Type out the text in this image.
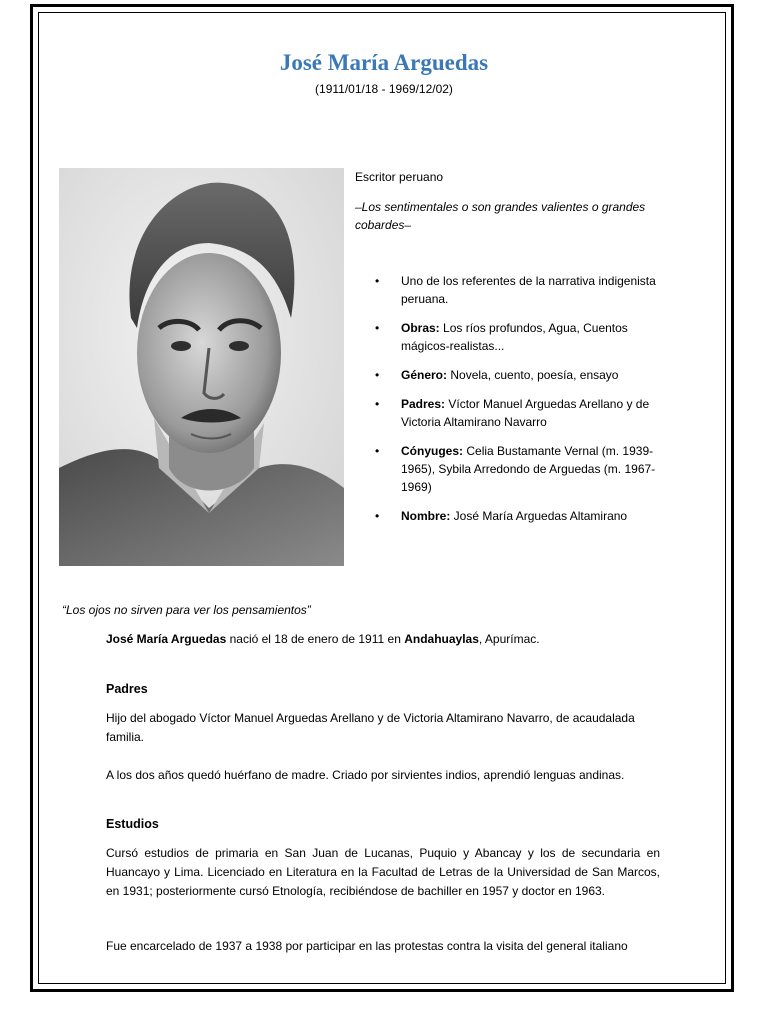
José María Arguedas
(1911/01/18 - 1969/12/02)

Escritor peruano

–Los sentimentales o son grandes valientes o grandes cobardes–

• Uno de los referentes de la narrativa indigenista peruana.
• Obras: Los ríos profundos, Agua, Cuentos mágicos-realistas...
• Género: Novela, cuento, poesía, ensayo
• Padres: Víctor Manuel Arguedas Arellano y de Victoria Altamirano Navarro
• Cónyuges: Celia Bustamante Vernal (m. 1939-1965), Sybila Arredondo de Arguedas (m. 1967-1969)
• Nombre: José María Arguedas Altamirano
“Los ojos no sirven para ver los pensamientos”
José María Arguedas nació el 18 de enero de 1911 en Andahuaylas, Apurímac.
Padres
Hijo del abogado Víctor Manuel Arguedas Arellano y de Victoria Altamirano Navarro, de acaudalada familia.
A los dos años quedó huérfano de madre. Criado por sirvientes indios, aprendió lenguas andinas.
Estudios
Cursó estudios de primaria en San Juan de Lucanas, Puquio y Abancay y los de secundaria en Huancayo y Lima. Licenciado en Literatura en la Facultad de Letras de la Universidad de San Marcos, en 1931; posteriormente cursó Etnología, recibiéndose de bachiller en 1957 y doctor en 1963.
Fue encarcelado de 1937 a 1938 por participar en las protestas contra la visita del general italiano
